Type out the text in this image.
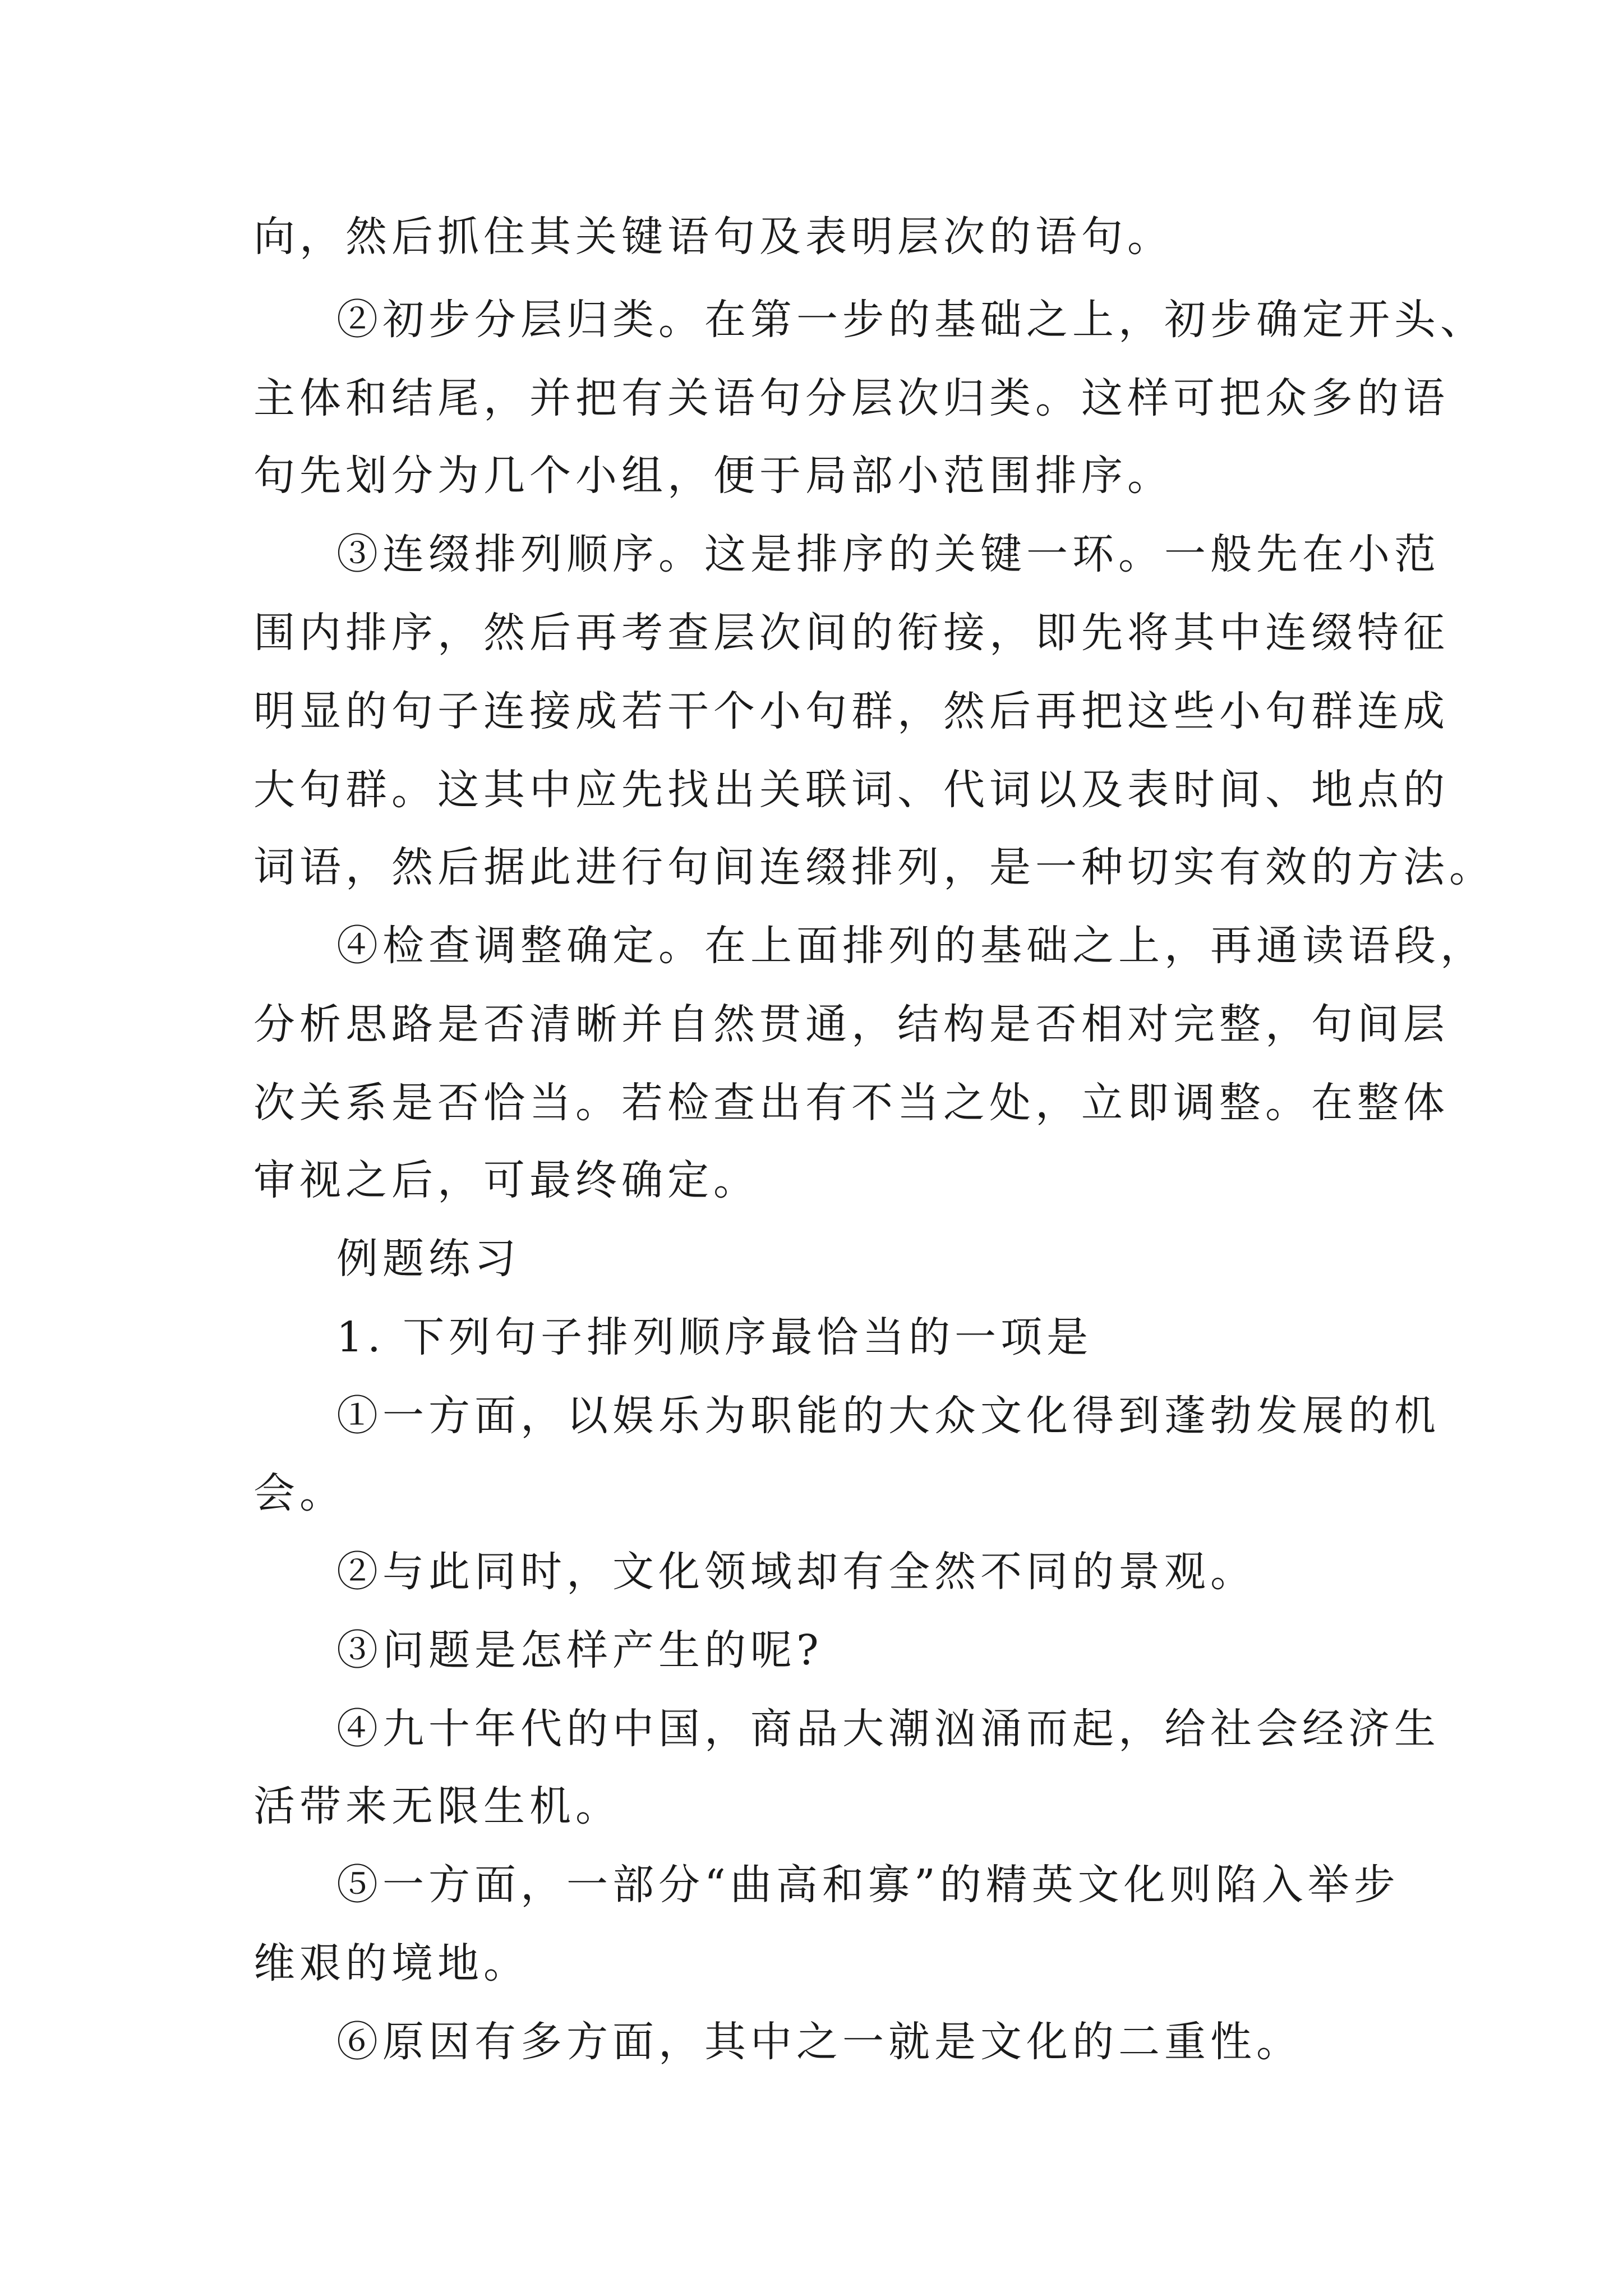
向，然后抓住其关键语句及表明层次的语句。
②初步分层归类。在第一步的基础之上，初步确定开头、
主体和结尾，并把有关语句分层次归类。这样可把众多的语
句先划分为几个小组，便于局部小范围排序。
③连缀排列顺序。这是排序的关键一环。一般先在小范
围内排序，然后再考查层次间的衔接，即先将其中连缀特征
明显的句子连接成若干个小句群，然后再把这些小句群连成
大句群。这其中应先找出关联词、代词以及表时间、地点的
词语，然后据此进行句间连缀排列，是一种切实有效的方法。
④检查调整确定。在上面排列的基础之上，再通读语段，
分析思路是否清晰并自然贯通，结构是否相对完整，句间层
次关系是否恰当。若检查出有不当之处，立即调整。在整体
审视之后，可最终确定。
例题练习
1. 下列句子排列顺序最恰当的一项是
①一方面，以娱乐为职能的大众文化得到蓬勃发展的机
会。
②与此同时，文化领域却有全然不同的景观。
③问题是怎样产生的呢?
④九十年代的中国，商品大潮汹涌而起，给社会经济生
活带来无限生机。
⑤一方面，一部分“曲高和寡”的精英文化则陷入举步
维艰的境地。
⑥原因有多方面，其中之一就是文化的二重性。
